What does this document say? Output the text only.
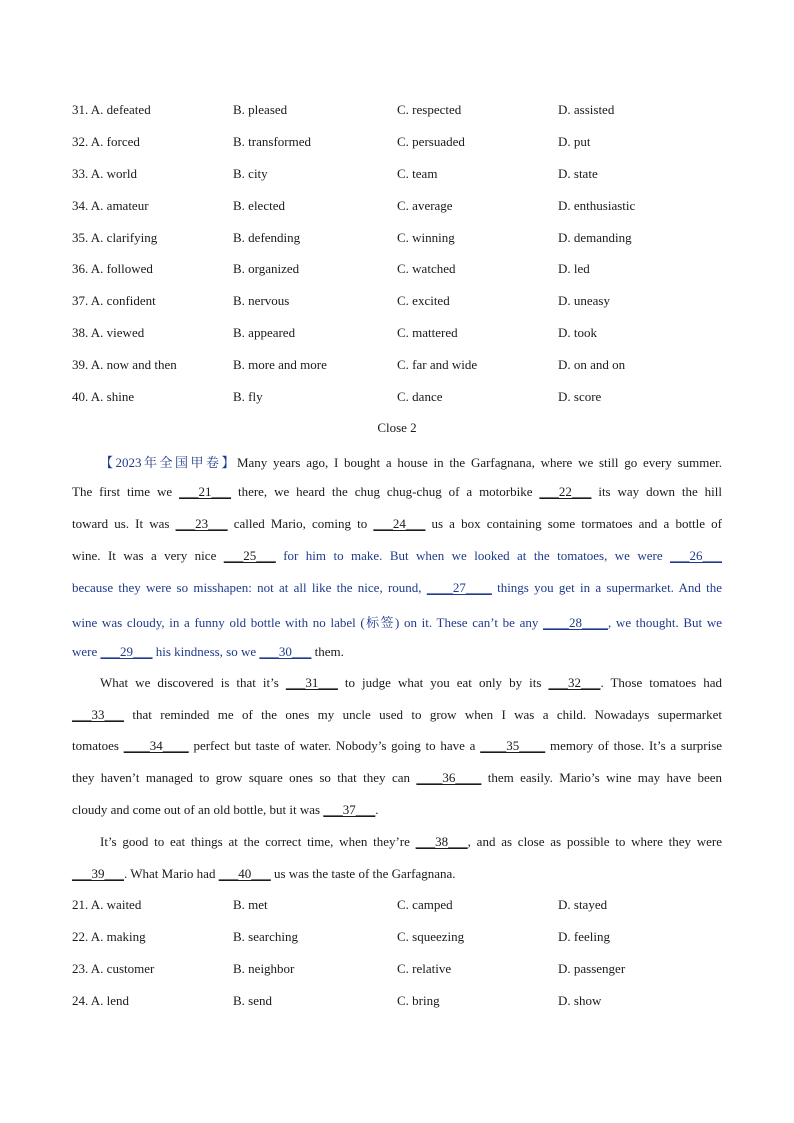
31. A. defeated	B. pleased	C. respected	D. assisted
32. A. forced	B. transformed	C. persuaded	D. put
33. A. world	B. city	C. team	D. state
34. A. amateur	B. elected	C. average	D. enthusiastic
35. A. clarifying	B. defending	C. winning	D. demanding
36. A. followed	B. organized	C. watched	D. led
37. A. confident	B. nervous	C. excited	D. uneasy
38. A. viewed	B. appeared	C. mattered	D. took
39. A. now and then	B. more and more	C. far and wide	D. on and on
40. A. shine	B. fly	C. dance	D. score
Close 2
【2023年全国甲卷】Many years ago, I bought a house in the Garfagnana, where we still go every summer.
The first time we ___21___ there, we heard the chug chug-chug of a motorbike ___22___ its way down the hill
toward us. It was ___23___ called Mario, coming to ___24___ us a box containing some tormatoes and a bottle of
wine. It was a very nice ___25___ for him to make. But when we looked at the tomatoes, we were ___26___
because they were so misshapen: not at all like the nice, round, ____27____ things you get in a supermarket. And the
wine was cloudy, in a funny old bottle with no label (标签) on it. These can’t be any ____28____, we thought. But we
were ___29___ his kindness, so we ___30___ them.
What we discovered is that it’s ___31___ to judge what you eat only by its ___32___. Those tomatoes had
___33___ that reminded me of the ones my uncle used to grow when I was a child. Nowadays supermarket
tomatoes ____34____ perfect but taste of water. Nobody’s going to have a ____35____ memory of those. It’s a surprise
they haven’t managed to grow square ones so that they can ____36____ them easily. Mario’s wine may have been
cloudy and come out of an old bottle, but it was ___37___.
It’s good to eat things at the correct time, when they’re ___38___, and as close as possible to where they were
___39___. What Mario had ___40___ us was the taste of the Garfagnana.
21. A. waited	B. met	C. camped	D. stayed
22. A. making	B. searching	C. squeezing	D. feeling
23. A. customer	B. neighbor	C. relative	D. passenger
24. A. lend	B. send	C. bring	D. show
